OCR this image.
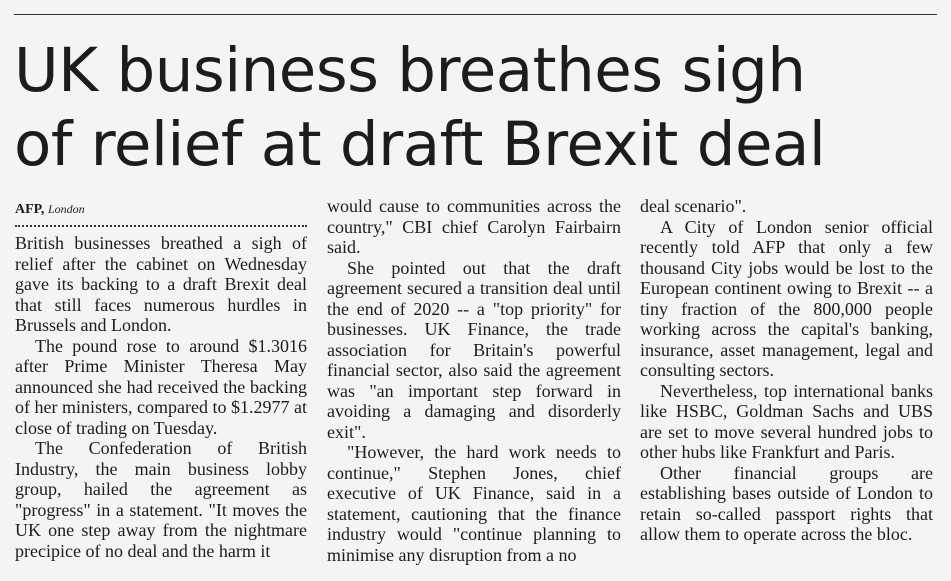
UK business breathes sigh
of relief at draft Brexit deal
AFP, London

British businesses breathed a sigh of relief after the cabinet on Wednesday gave its backing to a draft Brexit deal that still faces numerous hurdles in Brussels and London.

The pound rose to around $1.3016 after Prime Minister Theresa May announced she had received the backing of her ministers, compared to $1.2977 at close of trading on Tuesday.

The Confederation of British Industry, the main business lobby group, hailed the agreement as "progress" in a statement. "It moves the UK one step away from the nightmare precipice of no deal and the harm it

would cause to communities across the country," CBI chief Carolyn Fairbairn said.

She pointed out that the draft agreement secured a transition deal until the end of 2020 -- a "top priority" for businesses. UK Finance, the trade association for Britain's powerful financial sector, also said the agreement was "an important step forward in avoiding a damaging and disorderly exit".

"However, the hard work needs to continue," Stephen Jones, chief executive of UK Finance, said in a statement, cautioning that the finance industry would "continue planning to minimise any disruption from a no

deal scenario".

A City of London senior official recently told AFP that only a few thousand City jobs would be lost to the European continent owing to Brexit -- a tiny fraction of the 800,000 people working across the capital's banking, insurance, asset management, legal and consulting sectors.

Nevertheless, top international banks like HSBC, Goldman Sachs and UBS are set to move several hundred jobs to other hubs like Frankfurt and Paris.

Other financial groups are establishing bases outside of London to retain so-called passport rights that allow them to operate across the bloc.
